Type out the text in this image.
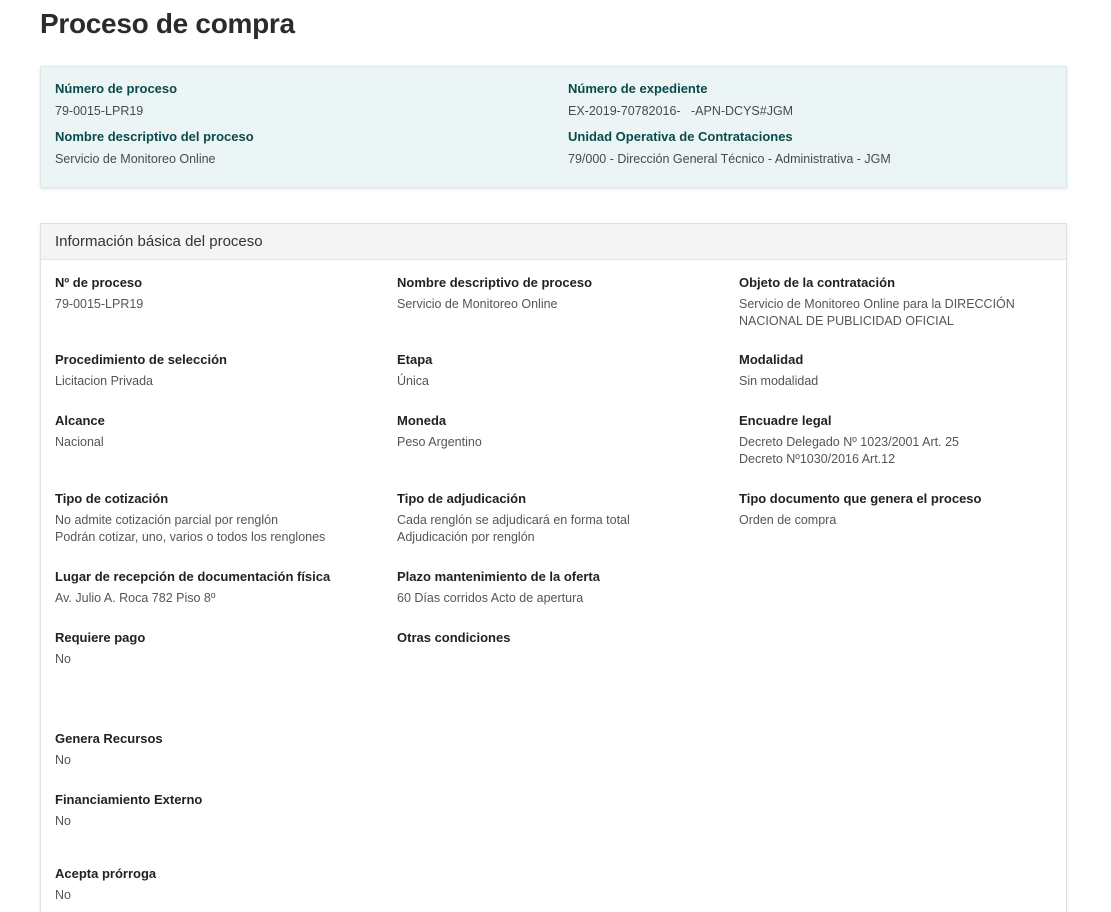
Proceso de compra
Número de proceso
79-0015-LPR19
Número de expediente
EX-2019-70782016-   -APN-DCYS#JGM
Nombre descriptivo del proceso
Servicio de Monitoreo Online
Unidad Operativa de Contrataciones
79/000 - Dirección General Técnico - Administrativa - JGM
Información básica del proceso
Nº de proceso
79-0015-LPR19
Nombre descriptivo de proceso
Servicio de Monitoreo Online
Objeto de la contratación
Servicio de Monitoreo Online para la DIRECCIÓN NACIONAL DE PUBLICIDAD OFICIAL
Procedimiento de selección
Licitacion Privada
Etapa
Única
Modalidad
Sin modalidad
Alcance
Nacional
Moneda
Peso Argentino
Encuadre legal
Decreto Delegado Nº 1023/2001 Art. 25
Decreto Nº1030/2016 Art.12
Tipo de cotización
No admite cotización parcial por renglón
Podrán cotizar, uno, varios o todos los renglones
Tipo de adjudicación
Cada renglón se adjudicará en forma total
Adjudicación por renglón
Tipo documento que genera el proceso
Orden de compra
Lugar de recepción de documentación física
Av. Julio A. Roca 782 Piso 8º
Plazo mantenimiento de la oferta
60 Días corridos Acto de apertura
Requiere pago
No
Otras condiciones
Genera Recursos
No
Financiamiento Externo
No
Acepta prórroga
No
